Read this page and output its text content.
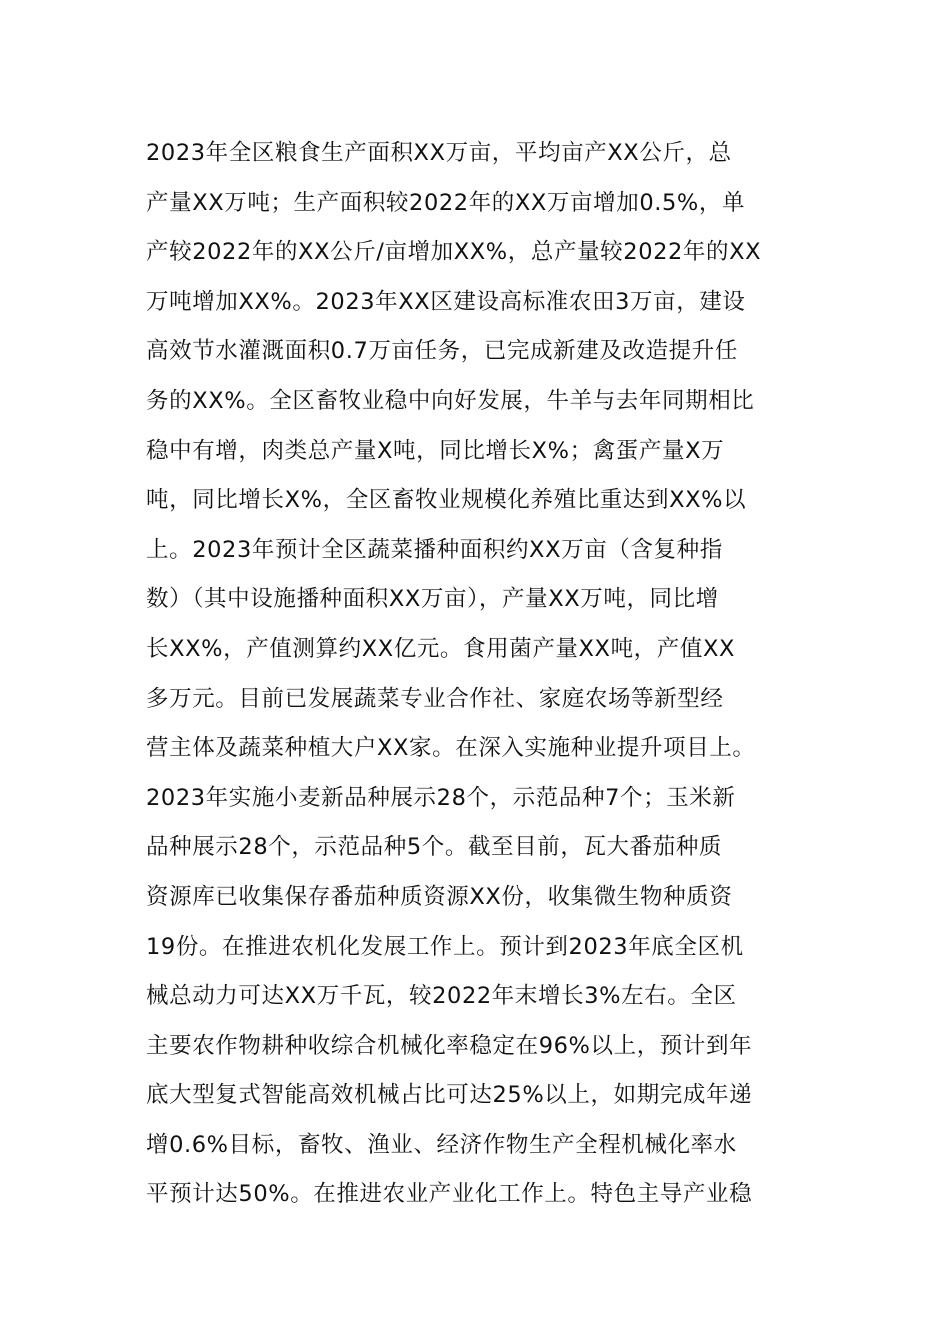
2023年全区粮食生产面积XX万亩，平均亩产XX公斤，总
产量XX万吨；生产面积较2022年的XX万亩增加0.5%，单
产较2022年的XX公斤/亩增加XX%，总产量较2022年的XX
万吨增加XX%。2023年XX区建设高标准农田3万亩，建设
高效节水灌溉面积0.7万亩任务，已完成新建及改造提升任
务的XX%。全区畜牧业稳中向好发展，牛羊与去年同期相比
稳中有增，肉类总产量X吨，同比增长X%；禽蛋产量X万
吨，同比增长X%，全区畜牧业规模化养殖比重达到XX%以
上。2023年预计全区蔬菜播种面积约XX万亩（含复种指
数）（其中设施播种面积XX万亩），产量XX万吨，同比增
长XX%，产值测算约XX亿元。食用菌产量XX吨，产值XX
多万元。目前已发展蔬菜专业合作社、家庭农场等新型经
营主体及蔬菜种植大户XX家。在深入实施种业提升项目上。
2023年实施小麦新品种展示28个，示范品种7个；玉米新
品种展示28个，示范品种5个。截至目前，瓦大番茄种质
资源库已收集保存番茄种质资源XX份，收集微生物种质资
19份。在推进农机化发展工作上。预计到2023年底全区机
械总动力可达XX万千瓦，较2022年末增长3%左右。全区
主要农作物耕种收综合机械化率稳定在96%以上，预计到年
底大型复式智能高效机械占比可达25%以上，如期完成年递
增0.6%目标，畜牧、渔业、经济作物生产全程机械化率水
平预计达50%。在推进农业产业化工作上。特色主导产业稳
